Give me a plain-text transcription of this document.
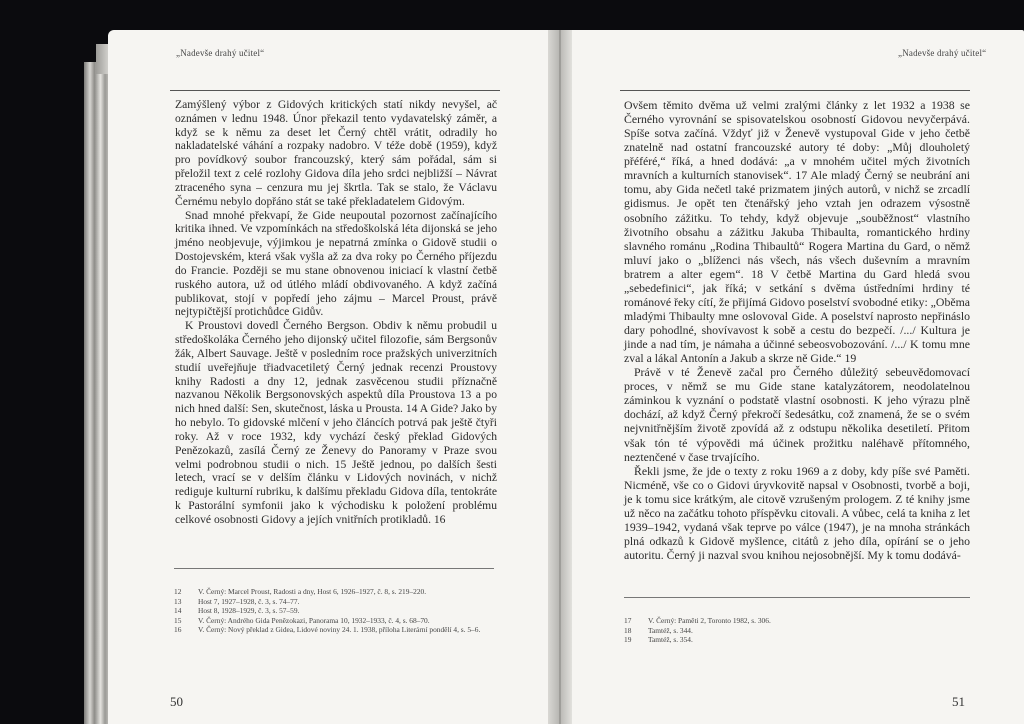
„Nadevše drahý učitel“

Zamýšlený výbor z Gidových kritických statí nikdy nevyšel, ač oznámen v lednu 1948. Únor překazil tento vydavatelský záměr, a když se k němu za deset let Černý chtěl vrátit, odradily ho nakladatelské váhání a rozpaky nadobro. V téže době (1959), když pro povídkový soubor francouzský, který sám pořádal, sám si přeložil text z celé rozlohy Gidova díla jeho srdci nejbližší – Návrat ztraceného syna – cenzura mu jej škrtla. Tak se stalo, že Václavu Černému nebylo dopřáno stát se také překladatelem Gidovým.

Snad mnohé překvapí, že Gide neupoutal pozornost začínajícího kritika ihned. Ve vzpomínkách na středoškolská léta dijonská se jeho jméno neobjevuje, výjimkou je nepatrná zmínka o Gidově studii o Dostojevském, která však vyšla až za dva roky po Černého příjezdu do Francie. Později se mu stane obnovenou iniciací k vlastní četbě ruského autora, už od útlého mládí obdivovaného. A když začíná publikovat, stojí v popředí jeho zájmu – Marcel Proust, právě nejtypičtější protichůdce Gidův.

K Proustovi dovedl Černého Bergson. Obdiv k němu probudil u středoškoláka Černého jeho dijonský učitel filozofie, sám Bergsonův žák, Albert Sauvage. Ještě v posledním roce pražských univerzitních studií uveřejňuje třiadvacetiletý Černý jednak recenzi Proustovy knihy Radosti a dny 12, jednak zasvěcenou studii příznačně nazvanou Několik Bergsonovských aspektů díla Proustova 13 a po nich hned další: Sen, skutečnost, láska u Prousta. 14 A Gide? Jako by ho nebylo. To gidovské mlčení v jeho článcích potrvá pak ještě čtyři roky. Až v roce 1932, kdy vychází český překlad Gidových Penězokazů, zasílá Černý ze Ženevy do Panoramy v Praze svou velmi podrobnou studii o nich. 15 Ještě jednou, po dalších šesti letech, vrací se v delším článku v Lidových novinách, v nichž rediguje kulturní rubriku, k dalšímu překladu Gidova díla, tentokráte k Pastorální symfonii jako k východisku k položení problému celkové osobnosti Gidovy a jejích vnitřních protikladů. 16

12	V. Černý: Marcel Proust, Radosti a dny, Host 6, 1926–1927, č. 8, s. 219–220.
13	Host 7, 1927–1928, č. 3, s. 74–77.
14	Host 8, 1928–1929, č. 3, s. 57–59.
15	V. Černý: Andrého Gida Penězokazi, Panorama 10, 1932–1933, č. 4, s. 68–70.
16	V. Černý: Nový překlad z Gidea, Lidové noviny 24. 1. 1938, příloha Literární pondělí 4, s. 5–6.
50
„Nadevše drahý učitel“

Ovšem těmito dvěma už velmi zralými články z let 1932 a 1938 se Černého vyrovnání se spisovatelskou osobností Gidovou nevyčerpává. Spíše sotva začíná. Vždyť již v Ženevě vystupoval Gide v jeho četbě znatelně nad ostatní francouzské autory té doby: „Můj dlouholetý přéféré,“ říká, a hned dodává: „a v mnohém učitel mých životních mravních a kulturních stanovisek“. 17 Ale mladý Černý se neubrání ani tomu, aby Gida nečetl také prizmatem jiných autorů, v nichž se zrcadlí gidismus. Je opět ten čtenářský jeho vztah jen odrazem výsostně osobního zážitku. To tehdy, když objevuje „souběžnost“ vlastního životního obsahu a zážitku Jakuba Thibaulta, romantického hrdiny slavného románu „Rodina Thibaultů“ Rogera Martina du Gard, o němž mluví jako o „blíženci nás všech, nás všech duševním a mravním bratrem a alter egem“. 18 V četbě Martina du Gard hledá svou „sebedefinici“, jak říká; v setkání s dvěma ústředními hrdiny té románové řeky cítí, že přijímá Gidovo poselství svobodné etiky: „Oběma mladými Thibaulty mne oslovoval Gide. A poselství naprosto nepřináslo dary pohodlné, shovívavost k sobě a cestu do bezpečí. /.../ Kultura je jinde a nad tím, je námaha a účinné sebeosvobozování. /.../ K tomu mne zval a lákal Antonín a Jakub a skrze ně Gide.“ 19

Právě v té Ženevě začal pro Černého důležitý sebeuvědomovací proces, v němž se mu Gide stane katalyzátorem, neodolatelnou záminkou k vyznání o podstatě vlastní osobnosti. K jeho výrazu plně dochází, až když Černý překročí šedesátku, což znamená, že se o svém nejvnitřnějším životě zpovídá až z odstupu několika desetiletí. Přitom však tón té výpovědi má účinek prožitku naléhavě přítomného, neztenčené v čase trvajícího.

Řekli jsme, že jde o texty z roku 1969 a z doby, kdy píše své Paměti. Nicméně, vše co o Gidovi úryvkovitě napsal v Osobnosti, tvorbě a boji, je k tomu sice krátkým, ale citově vzrušeným prologem. Z té knihy jsme už něco na začátku tohoto příspěvku citovali. A vůbec, celá ta kniha z let 1939–1942, vydaná však teprve po válce (1947), je na mnoha stránkách plná odkazů k Gidově myšlence, citátů z jeho díla, opírání se o jeho autoritu. Černý ji nazval svou knihou nejosobnější. My k tomu dodává-

17	V. Černý: Paměti 2, Toronto 1982, s. 306.
18	Tamtéž, s. 344.
19	Tamtéž, s. 354.
51
